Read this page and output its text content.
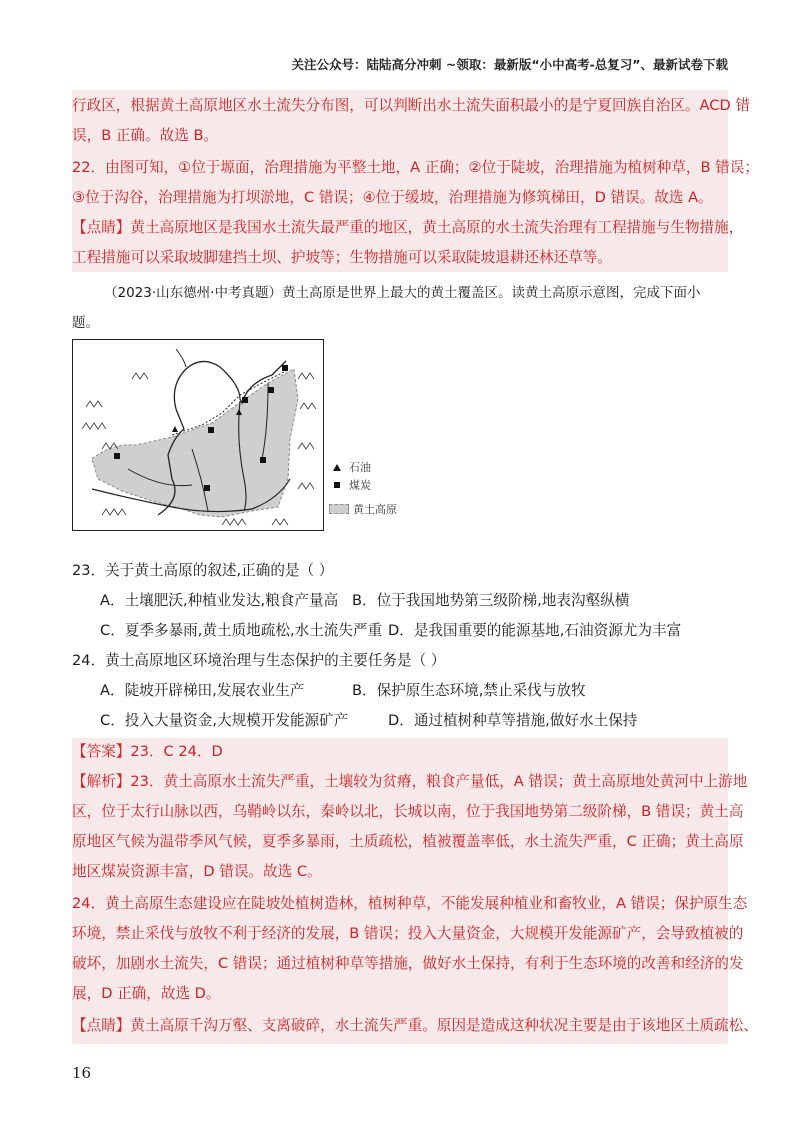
关注公众号：陆陆高分冲刺 ~领取：最新版“小中高考-总复习”、最新试卷下载
行政区，根据黄土高原地区水土流失分布图，可以判断出水土流失面积最小的是宁夏回族自治区。ACD 错
误，B 正确。故选 B。
22．由图可知，①位于塬面，治理措施为平整土地，A 正确；②位于陡坡，治理措施为植树种草，B 错误；
③位于沟谷，治理措施为打坝淤地，C 错误；④位于缓坡，治理措施为修筑梯田，D 错误。故选 A。
【点睛】黄土高原地区是我国水土流失最严重的地区，黄土高原的水土流失治理有工程措施与生物措施，
工程措施可以采取坡脚建挡土坝、护坡等；生物措施可以采取陡坡退耕还林还草等。
（2023·山东德州·中考真题）黄土高原是世界上最大的黄土覆盖区。读黄土高原示意图，完成下面小
题。
石油
煤炭
黄土高原
23．关于黄土高原的叙述,正确的是（ ）
A．土壤肥沃,种植业发达,粮食产量高 B．位于我国地势第三级阶梯,地表沟壑纵横
C．夏季多暴雨,黄土质地疏松,水土流失严重 D．是我国重要的能源基地,石油资源尤为丰富
24．黄土高原地区环境治理与生态保护的主要任务是（ ）
A．陡坡开辟梯田,发展农业生产	B．保护原生态环境,禁止采伐与放牧
C．投入大量资金,大规模开发能源矿产	D．通过植树种草等措施,做好水土保持
【答案】23．C 24．D
【解析】23．黄土高原水土流失严重，土壤较为贫瘠，粮食产量低，A 错误；黄土高原地处黄河中上游地
区，位于太行山脉以西，乌鞘岭以东，秦岭以北，长城以南，位于我国地势第二级阶梯，B 错误；黄土高
原地区气候为温带季风气候，夏季多暴雨，土质疏松，植被覆盖率低，水土流失严重，C 正确；黄土高原
地区煤炭资源丰富，D 错误。故选 C。
24．黄土高原生态建设应在陡坡处植树造林，植树种草，不能发展种植业和畜牧业，A 错误；保护原生态
环境，禁止采伐与放牧不利于经济的发展，B 错误；投入大量资金，大规模开发能源矿产，会导致植被的
破坏，加剧水土流失，C 错误；通过植树种草等措施，做好水土保持，有利于生态环境的改善和经济的发
展，D 正确，故选 D。
【点睛】黄土高原千沟万壑、支离破碎，水土流失严重。原因是造成这种状况主要是由于该地区土质疏松、
16
